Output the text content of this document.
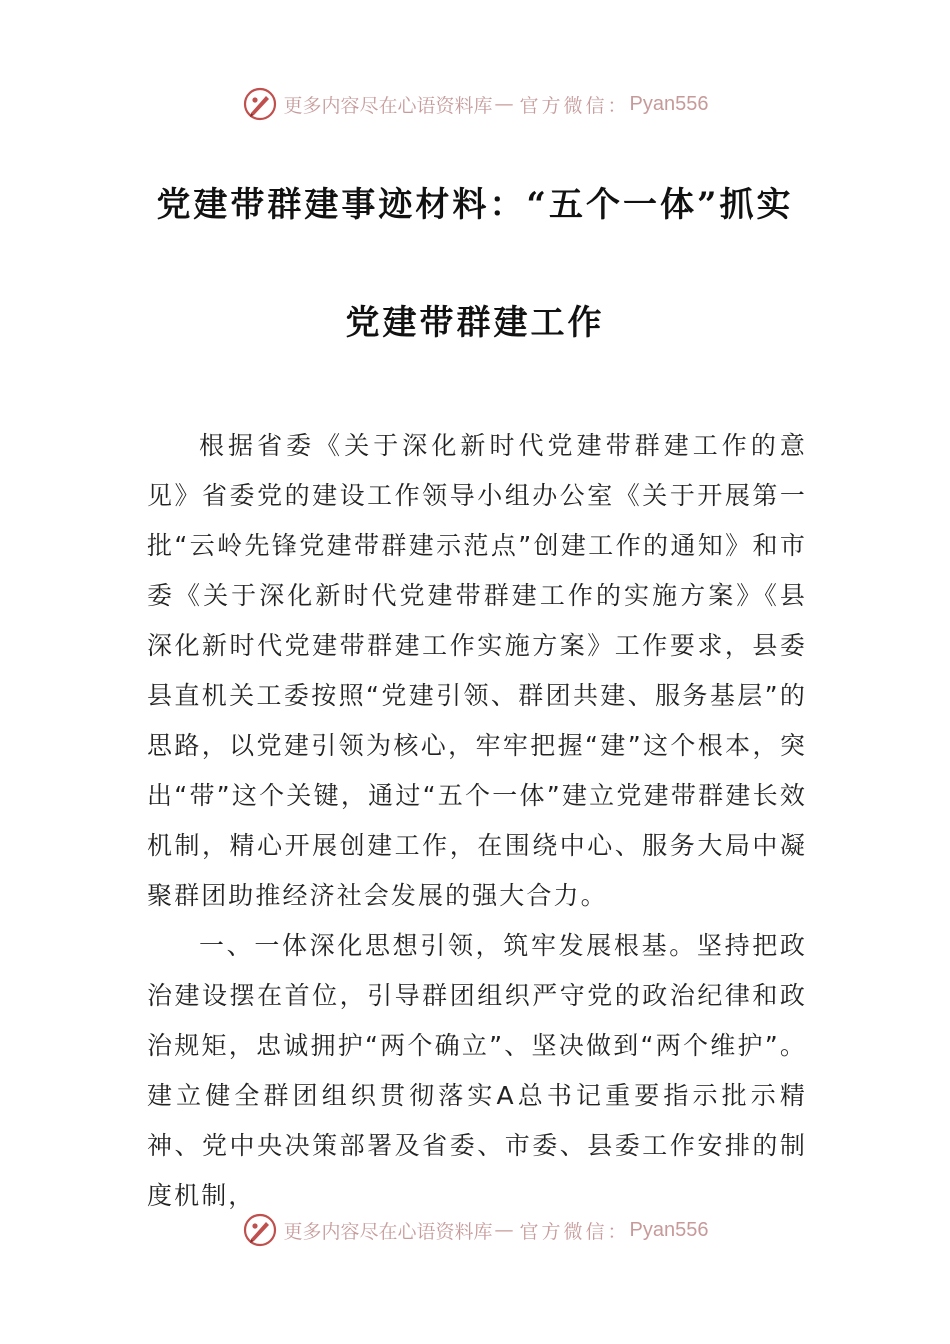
更多内容尽在心语资料库 — 官方微信： Pyan556
党建带群建事迹材料：“五个一体”抓实
党建带群建工作

根据省委《关于深化新时代党建带群建工作的意见》省委党的建设工作领导小组办公室《关于开展第一批“云岭先锋党建带群建示范点”创建工作的通知》和市委《关于深化新时代党建带群建工作的实施方案》《县深化新时代党建带群建工作实施方案》工作要求，县委县直机关工委按照“党建引领、群团共建、服务基层”的思路，以党建引领为核心，牢牢把握“建”这个根本，突出“带”这个关键，通过“五个一体”建立党建带群建长效机制，精心开展创建工作，在围绕中心、服务大局中凝聚群团助推经济社会发展的强大合力。

一、一体深化思想引领，筑牢发展根基。坚持把政治建设摆在首位，引导群团组织严守党的政治纪律和政治规矩，忠诚拥护“两个确立”、坚决做到“两个维护”。建立健全群团组织贯彻落实A总书记重要指示批示精神、党中央决策部署及省委、市委、县委工作安排的制度机制，

更多内容尽在心语资料库 — 官方微信： Pyan556
